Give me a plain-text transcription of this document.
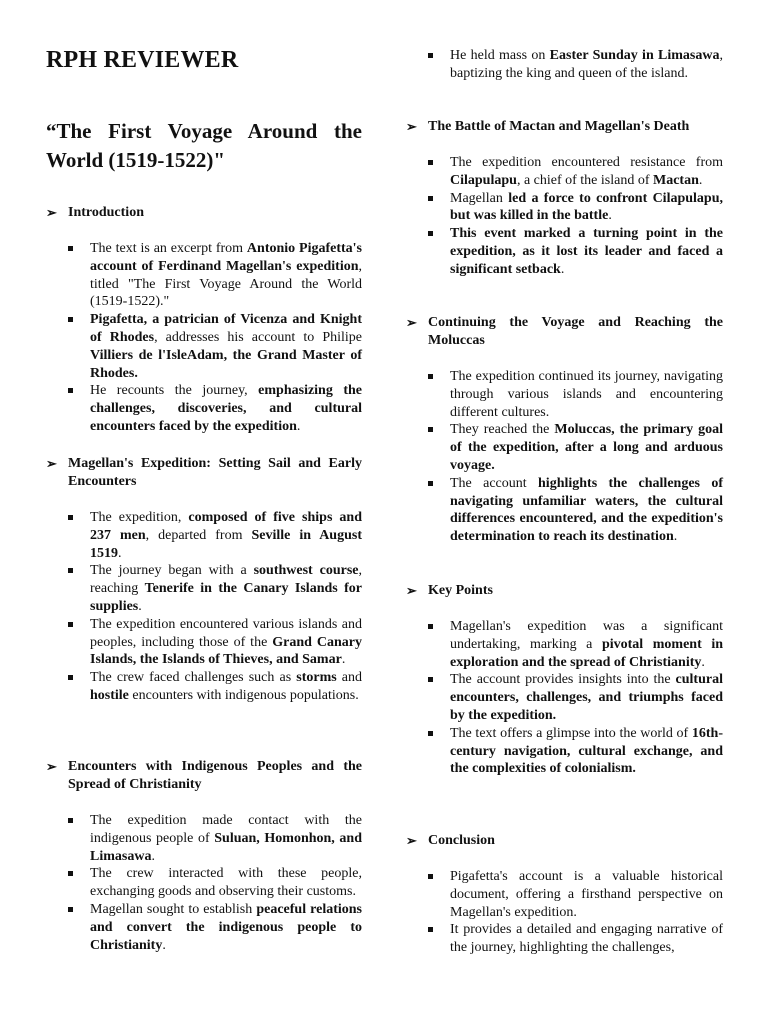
RPH REVIEWER
“The First Voyage Around the World (1519-1522)"
➢ Introduction
The text is an excerpt from Antonio Pigafetta's account of Ferdinand Magellan's expedition, titled "The First Voyage Around the World (1519-1522)."
Pigafetta, a patrician of Vicenza and Knight of Rhodes, addresses his account to Philipe Villiers de l'IsleAdam, the Grand Master of Rhodes.
He recounts the journey, emphasizing the challenges, discoveries, and cultural encounters faced by the expedition.
➢ Magellan's Expedition: Setting Sail and Early Encounters
The expedition, composed of five ships and 237 men, departed from Seville in August 1519.
The journey began with a southwest course, reaching Tenerife in the Canary Islands for supplies.
The expedition encountered various islands and peoples, including those of the Grand Canary Islands, the Islands of Thieves, and Samar.
The crew faced challenges such as storms and hostile encounters with indigenous populations.
➢ Encounters with Indigenous Peoples and the Spread of Christianity
The expedition made contact with the indigenous people of Suluan, Homonhon, and Limasawa.
The crew interacted with these people, exchanging goods and observing their customs.
Magellan sought to establish peaceful relations and convert the indigenous people to Christianity.
He held mass on Easter Sunday in Limasawa, baptizing the king and queen of the island.
➢ The Battle of Mactan and Magellan's Death
The expedition encountered resistance from Cilapulapu, a chief of the island of Mactan.
Magellan led a force to confront Cilapulapu, but was killed in the battle.
This event marked a turning point in the expedition, as it lost its leader and faced a significant setback.
➢ Continuing the Voyage and Reaching the Moluccas
The expedition continued its journey, navigating through various islands and encountering different cultures.
They reached the Moluccas, the primary goal of the expedition, after a long and arduous voyage.
The account highlights the challenges of navigating unfamiliar waters, the cultural differences encountered, and the expedition's determination to reach its destination.
➢ Key Points
Magellan's expedition was a significant undertaking, marking a pivotal moment in exploration and the spread of Christianity.
The account provides insights into the cultural encounters, challenges, and triumphs faced by the expedition.
The text offers a glimpse into the world of 16th-century navigation, cultural exchange, and the complexities of colonialism.
➢ Conclusion
Pigafetta's account is a valuable historical document, offering a firsthand perspective on Magellan's expedition.
It provides a detailed and engaging narrative of the journey, highlighting the challenges,
